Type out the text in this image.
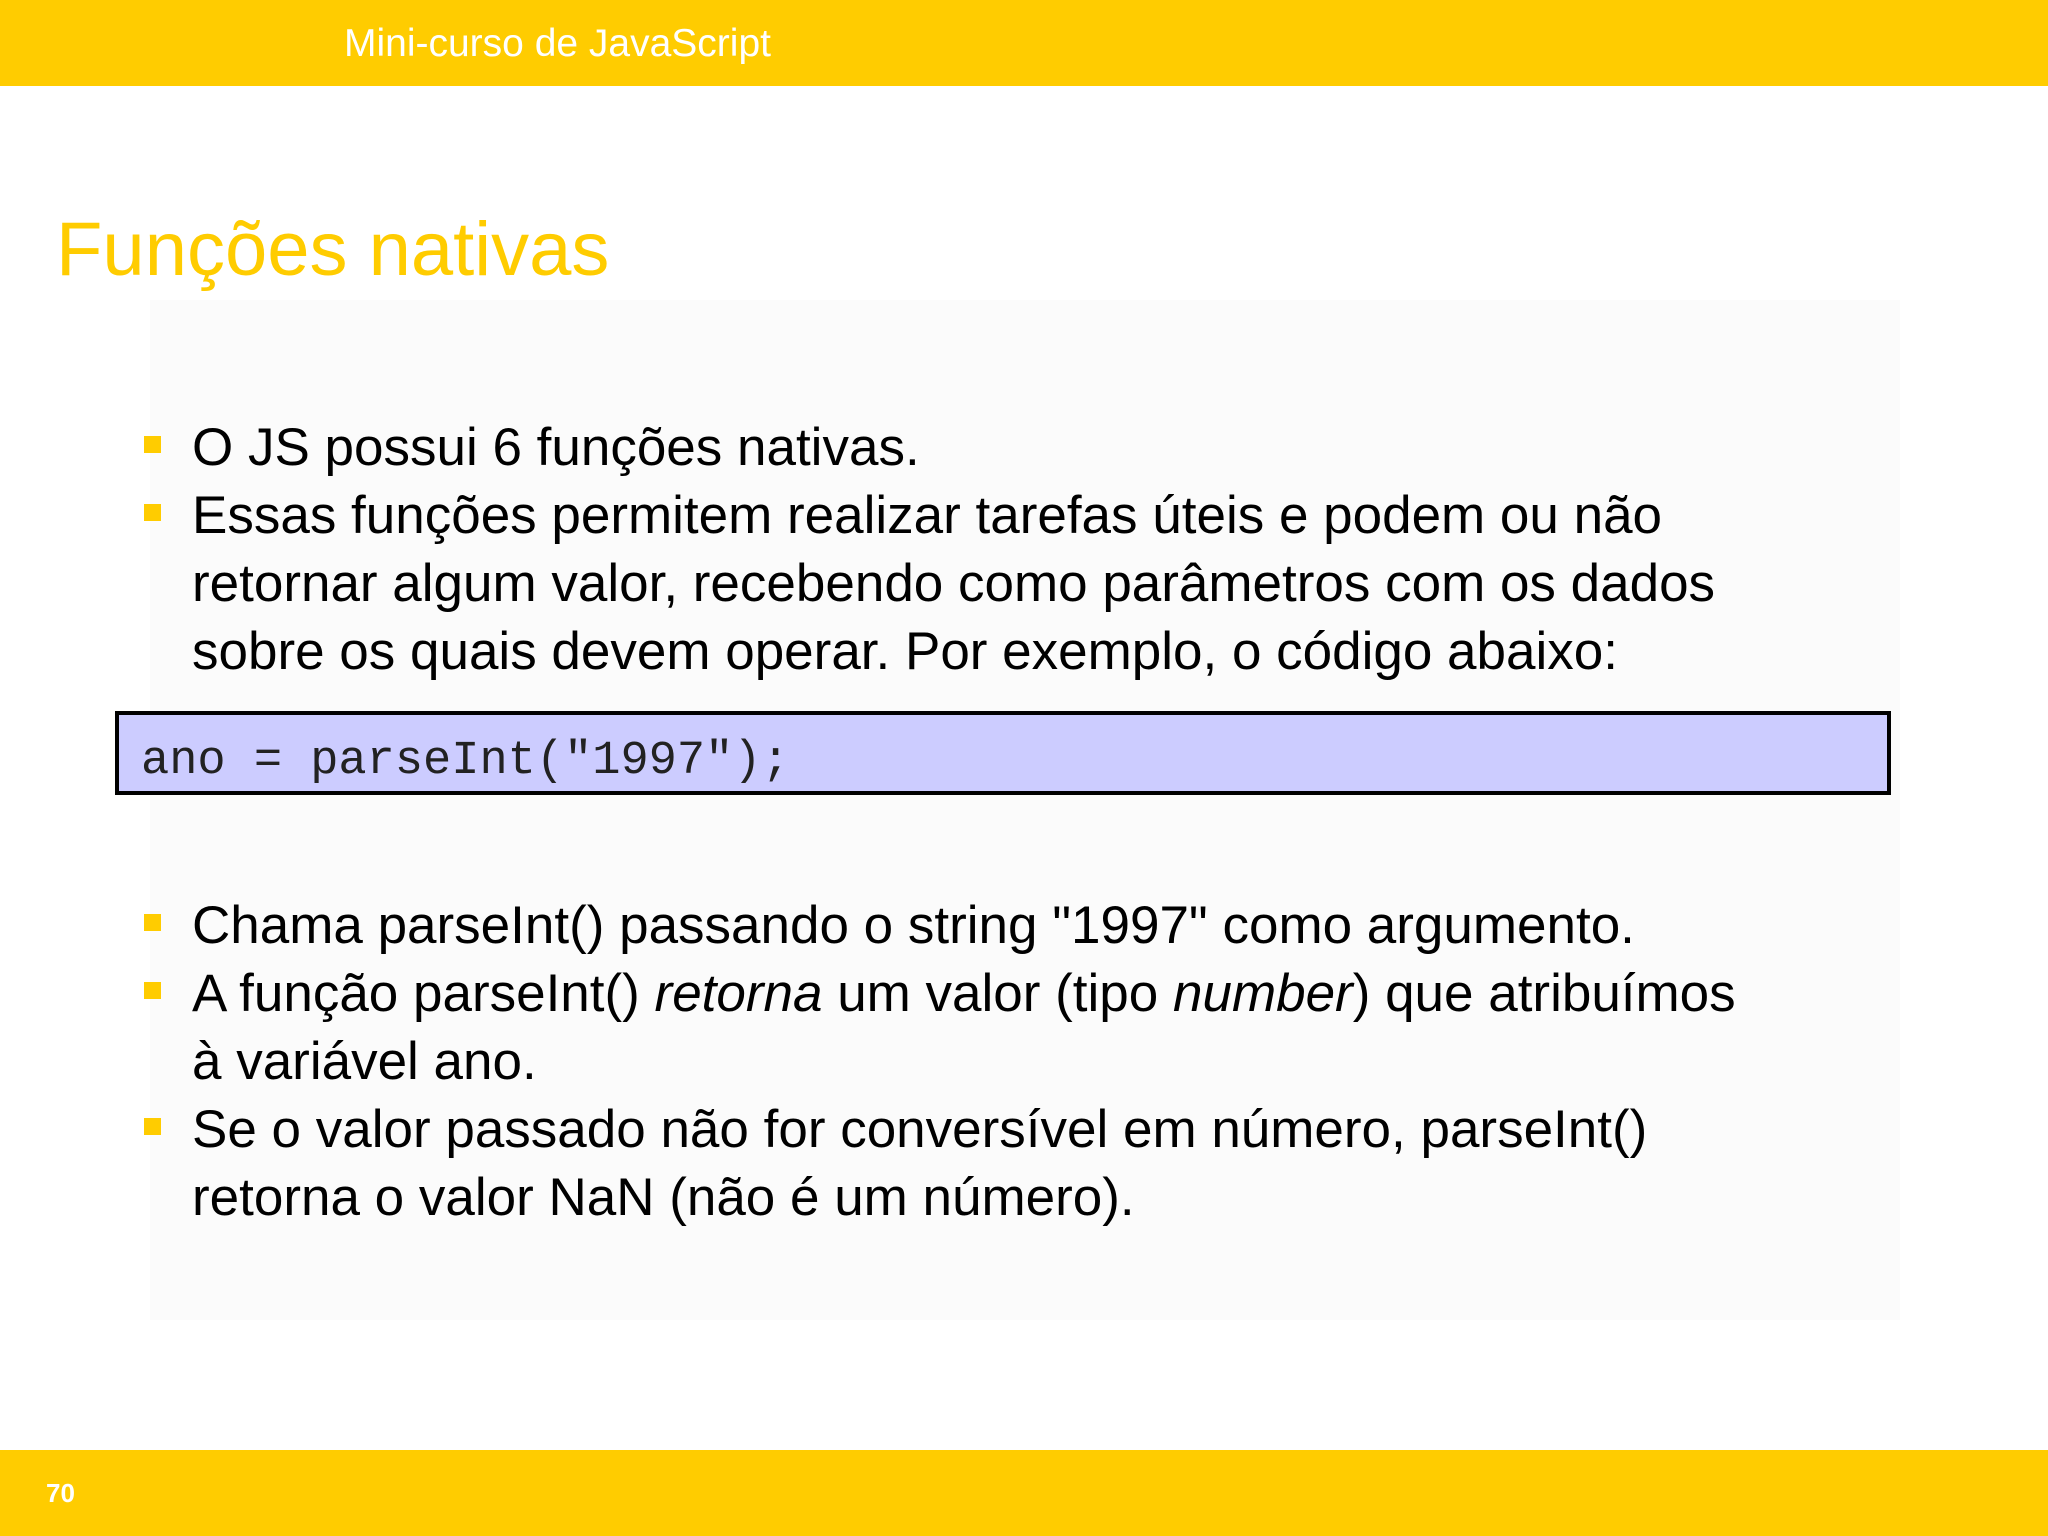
Mini-curso de JavaScript
Funções nativas
O JS possui 6 funções nativas.
Essas funções permitem realizar tarefas úteis e podem ou não
retornar algum valor, recebendo como parâmetros com os dados
sobre os quais devem operar. Por exemplo, o código abaixo:
ano = parseInt("1997");
Chama parseInt() passando o string "1997" como argumento.
A função parseInt() retorna um valor (tipo number) que atribuímos
à variável ano.
Se o valor passado não for conversível em número, parseInt()
retorna o valor NaN (não é um número).
70
